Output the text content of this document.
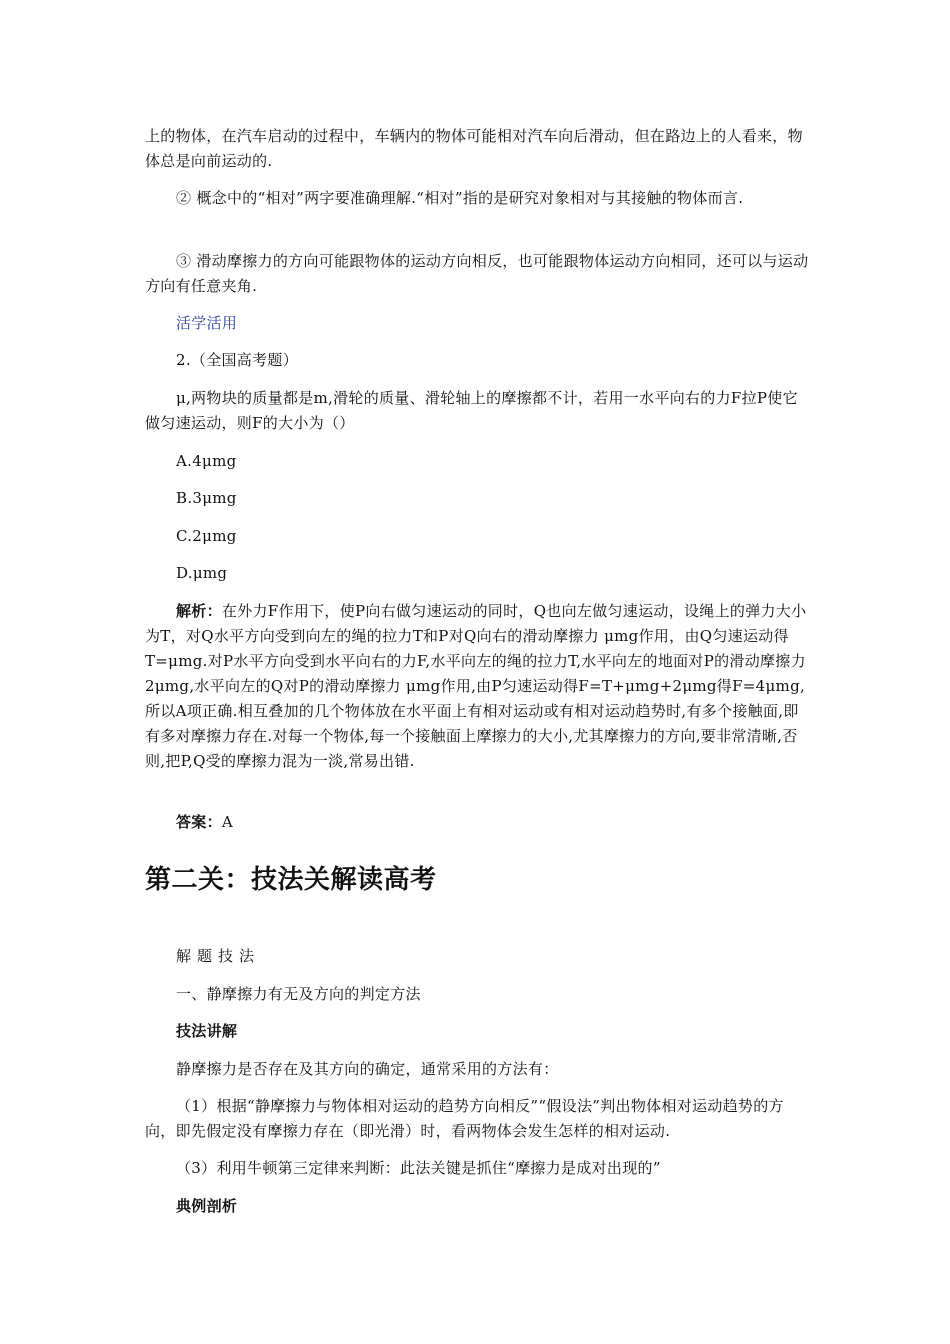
上的物体，在汽车启动的过程中，车辆内的物体可能相对汽车向后滑动，但在路边上的人看来，物体总是向前运动的.
② 概念中的“相对”两字要准确理解.“相对”指的是研究对象相对与其接触的物体而言.
③ 滑动摩擦力的方向可能跟物体的运动方向相反，也可能跟物体运动方向相同，还可以与运动方向有任意夹角.
活学活用
2.（全国高考题）
μ,两物块的质量都是m,滑轮的质量、滑轮轴上的摩擦都不计，若用一水平向右的力F拉P使它做匀速运动，则F的大小为（）
A.4μmg
B.3μmg
C.2μmg
D.μmg
解析：在外力F作用下，使P向右做匀速运动的同时，Q也向左做匀速运动，设绳上的弹力大小为T，对Q水平方向受到向左的绳的拉力T和P对Q向右的滑动摩擦力 μmg作用，由Q匀速运动得T=μmg.对P水平方向受到水平向右的力F,水平向左的绳的拉力T,水平向左的地面对P的滑动摩擦力2μmg,水平向左的Q对P的滑动摩擦力 μmg作用,由P匀速运动得F=T+μmg+2μmg得F=4μmg,所以A项正确.相互叠加的几个物体放在水平面上有相对运动或有相对运动趋势时,有多个接触面,即有多对摩擦力存在.对每一个物体,每一个接触面上摩擦力的大小,尤其摩擦力的方向,要非常清晰,否则,把P,Q受的摩擦力混为一淡,常易出错.
答案：A
第二关：技法关解读高考
解题技法
一、静摩擦力有无及方向的判定方法
技法讲解
静摩擦力是否存在及其方向的确定，通常采用的方法有：
（1）根据“静摩擦力与物体相对运动的趋势方向相反”“假设法”判出物体相对运动趋势的方向，即先假定没有摩擦力存在（即光滑）时，看两物体会发生怎样的相对运动.
（3）利用牛顿第三定律来判断：此法关键是抓住“摩擦力是成对出现的”
典例剖析
